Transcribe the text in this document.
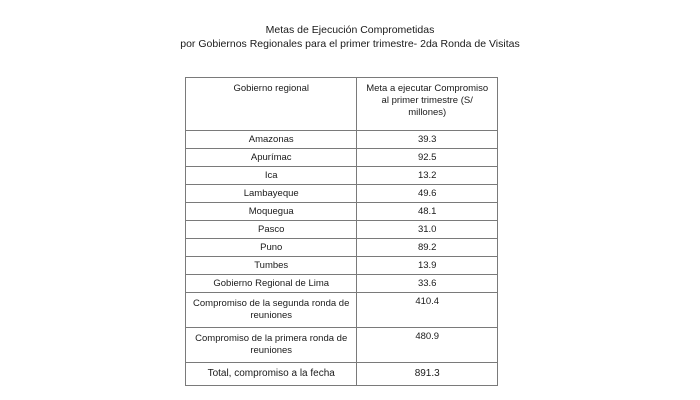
Metas de Ejecución Comprometidas
por Gobiernos Regionales para el primer trimestre- 2da Ronda de Visitas
Gobierno regional	Meta a ejecutar Compromiso al primer trimestre (S/ millones)
Amazonas	39.3
Apurímac	92.5
Ica	13.2
Lambayeque	49.6
Moquegua	48.1
Pasco	31.0
Puno	89.2
Tumbes	13.9
Gobierno Regional de Lima	33.6
Compromiso de la segunda ronda de reuniones	410.4
Compromiso de la primera ronda de reuniones	480.9
Total, compromiso a la fecha	891.3
